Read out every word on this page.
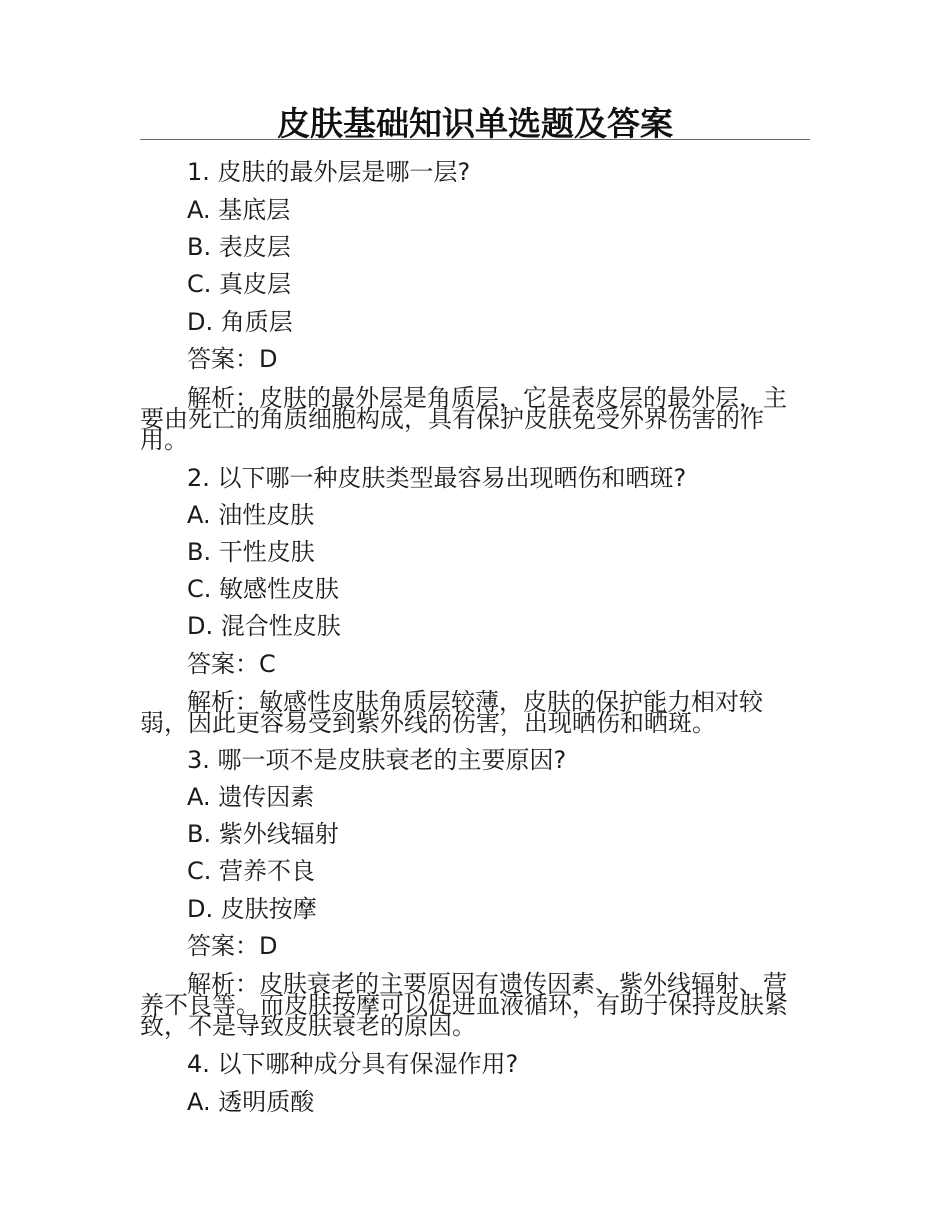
皮肤基础知识单选题及答案
1. 皮肤的最外层是哪一层?
A. 基底层
B. 表皮层
C. 真皮层
D. 角质层
答案：D
解析：皮肤的最外层是角质层，它是表皮层的最外层，主要由死亡的角质细胞构成，具有保护皮肤免受外界伤害的作用。
2. 以下哪一种皮肤类型最容易出现晒伤和晒斑?
A. 油性皮肤
B. 干性皮肤
C. 敏感性皮肤
D. 混合性皮肤
答案：C
解析：敏感性皮肤角质层较薄，皮肤的保护能力相对较弱，因此更容易受到紫外线的伤害，出现晒伤和晒斑。
3. 哪一项不是皮肤衰老的主要原因?
A. 遗传因素
B. 紫外线辐射
C. 营养不良
D. 皮肤按摩
答案：D
解析：皮肤衰老的主要原因有遗传因素、紫外线辐射、营养不良等。而皮肤按摩可以促进血液循环，有助于保持皮肤紧致，不是导致皮肤衰老的原因。
4. 以下哪种成分具有保湿作用?
A. 透明质酸
